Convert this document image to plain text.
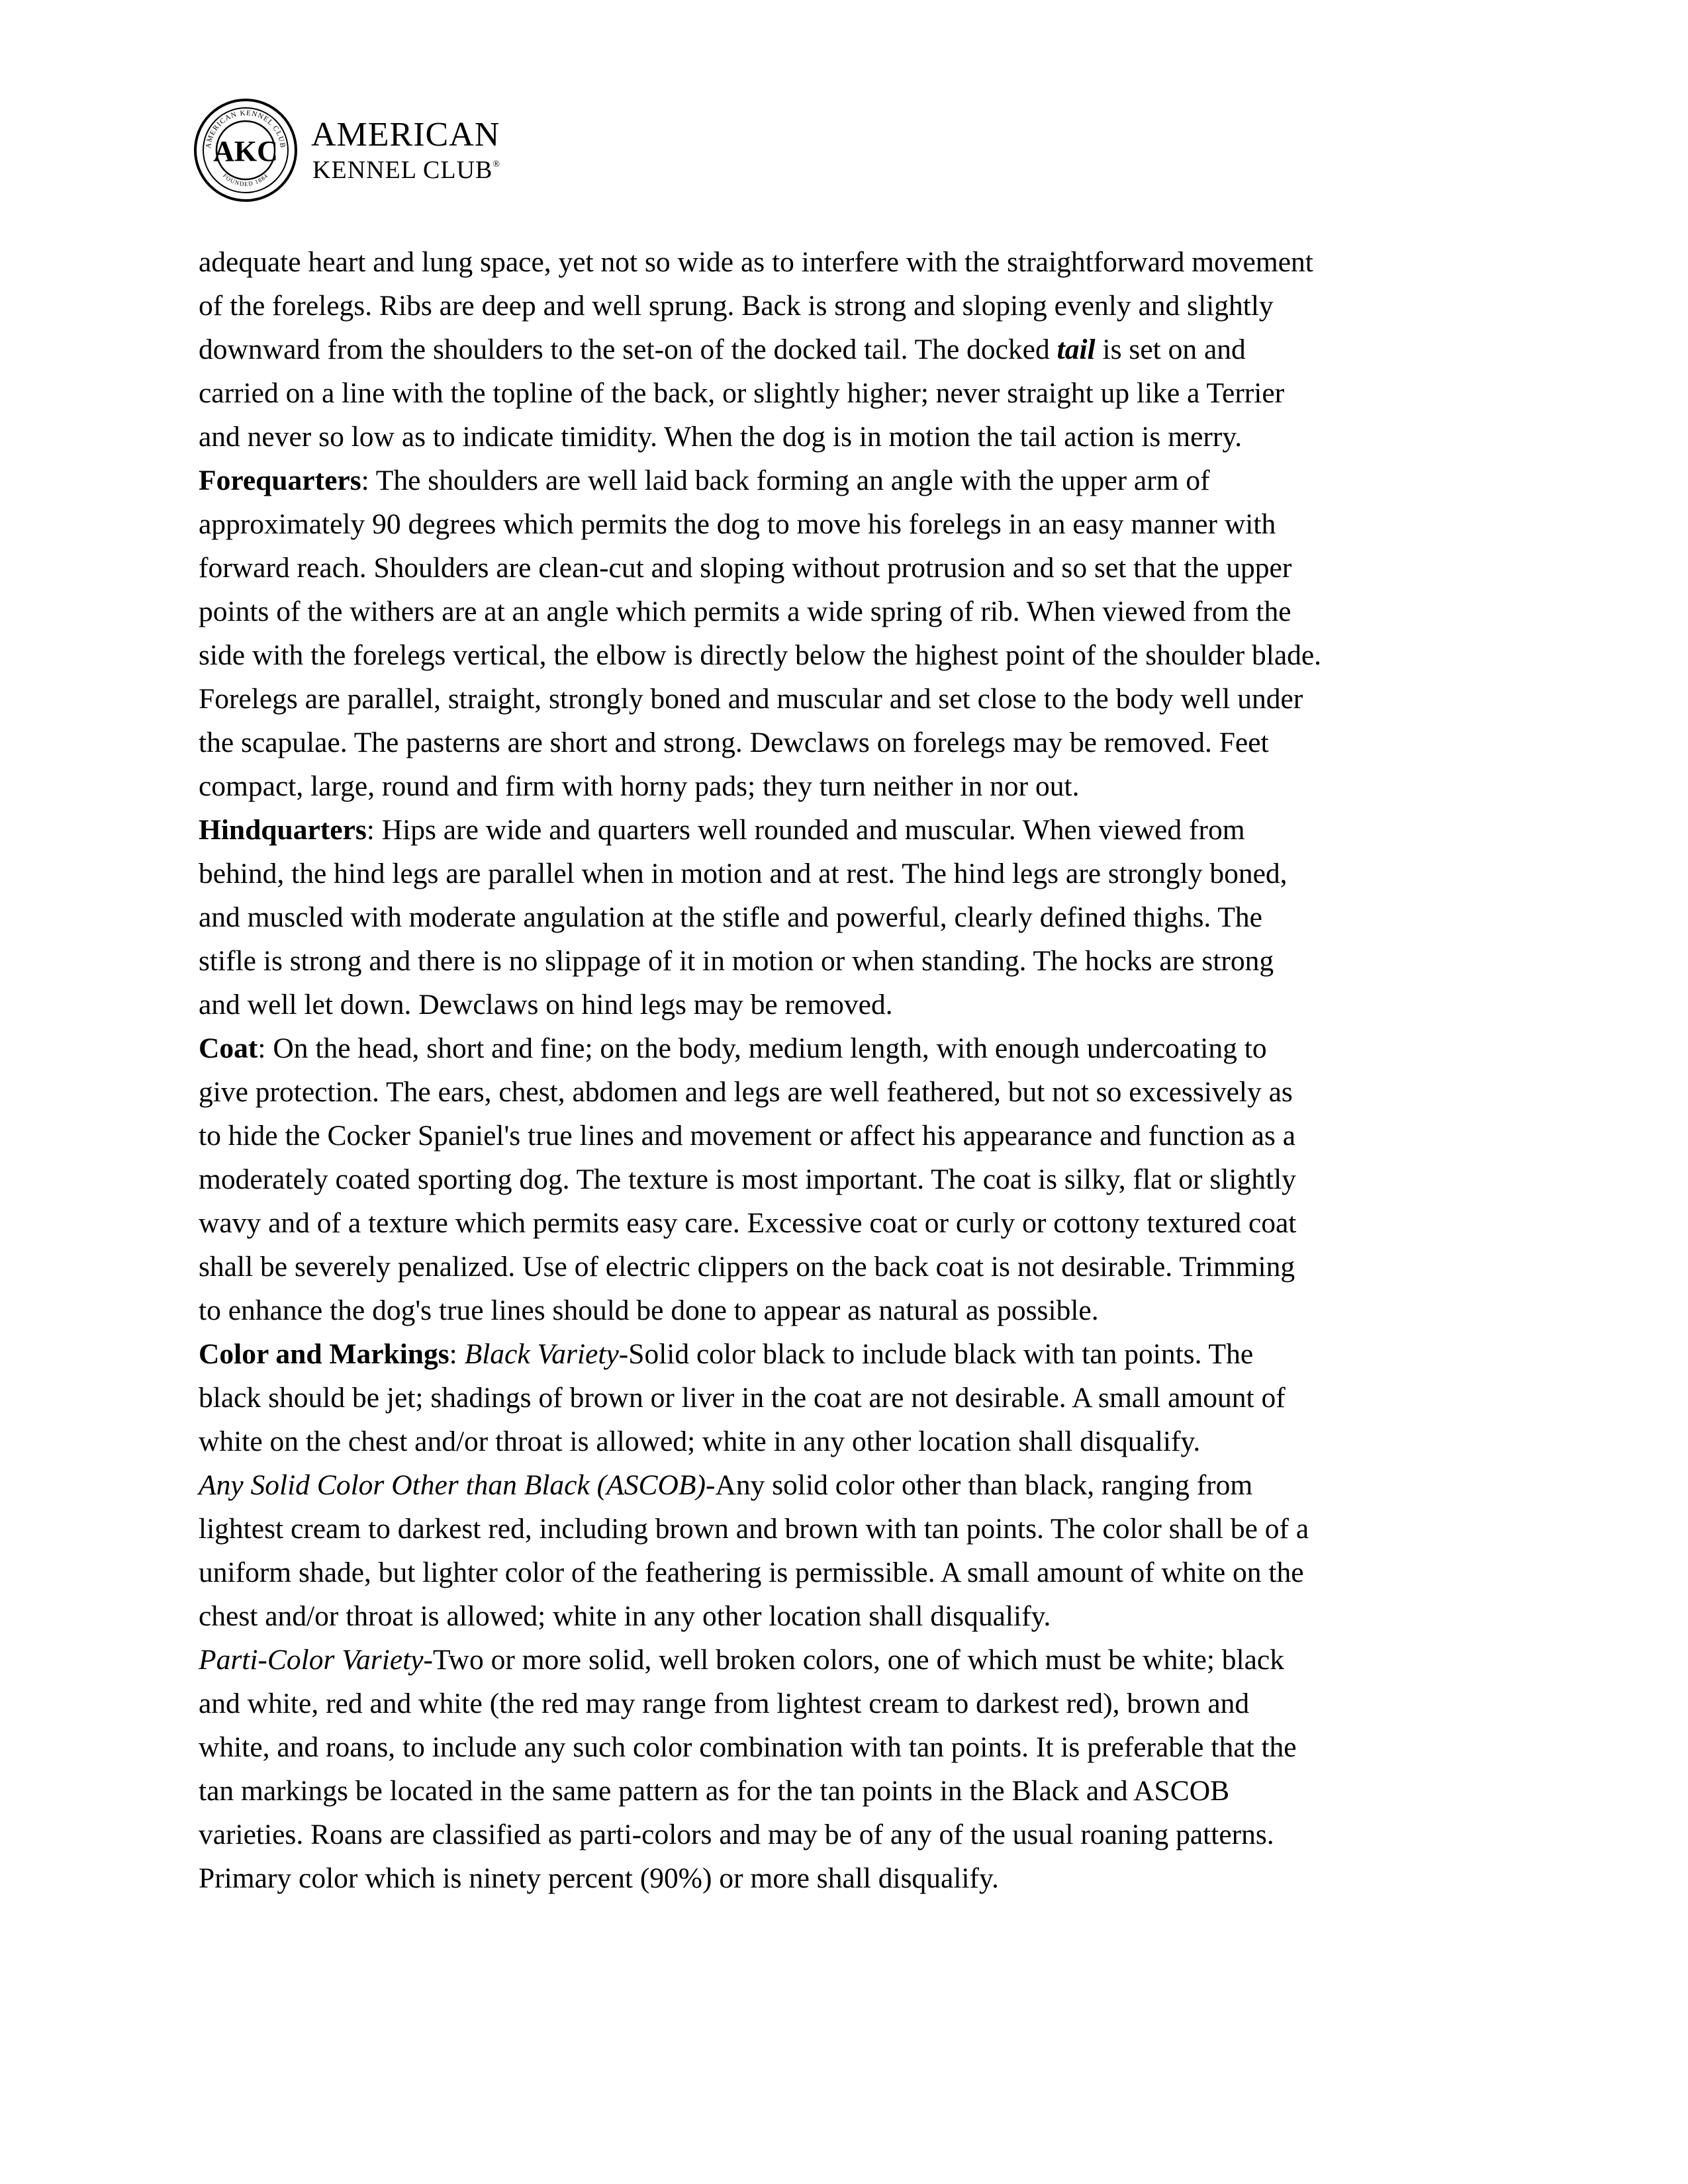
AMERICAN KENNEL CLUB
FOUNDED 1884
AKC AMERICAN
KENNEL CLUB®

adequate heart and lung space, yet not so wide as to interfere with the straightforward movement

of the forelegs. Ribs are deep and well sprung. Back is strong and sloping evenly and slightly

downward from the shoulders to the set-on of the docked tail. The docked tail is set on and

carried on a line with the topline of the back, or slightly higher; never straight up like a Terrier

and never so low as to indicate timidity. When the dog is in motion the tail action is merry.

Forequarters: The shoulders are well laid back forming an angle with the upper arm of

approximately 90 degrees which permits the dog to move his forelegs in an easy manner with

forward reach. Shoulders are clean-cut and sloping without protrusion and so set that the upper

points of the withers are at an angle which permits a wide spring of rib. When viewed from the

side with the forelegs vertical, the elbow is directly below the highest point of the shoulder blade.

Forelegs are parallel, straight, strongly boned and muscular and set close to the body well under

the scapulae. The pasterns are short and strong. Dewclaws on forelegs may be removed. Feet

compact, large, round and firm with horny pads; they turn neither in nor out.

Hindquarters: Hips are wide and quarters well rounded and muscular. When viewed from

behind, the hind legs are parallel when in motion and at rest. The hind legs are strongly boned,

and muscled with moderate angulation at the stifle and powerful, clearly defined thighs. The

stifle is strong and there is no slippage of it in motion or when standing. The hocks are strong

and well let down. Dewclaws on hind legs may be removed.

Coat: On the head, short and fine; on the body, medium length, with enough undercoating to

give protection. The ears, chest, abdomen and legs are well feathered, but not so excessively as

to hide the Cocker Spaniel's true lines and movement or affect his appearance and function as a

moderately coated sporting dog. The texture is most important. The coat is silky, flat or slightly

wavy and of a texture which permits easy care. Excessive coat or curly or cottony textured coat

shall be severely penalized. Use of electric clippers on the back coat is not desirable. Trimming

to enhance the dog's true lines should be done to appear as natural as possible.

Color and Markings: Black Variety-Solid color black to include black with tan points. The

black should be jet; shadings of brown or liver in the coat are not desirable. A small amount of

white on the chest and/or throat is allowed; white in any other location shall disqualify.

Any Solid Color Other than Black (ASCOB)-Any solid color other than black, ranging from

lightest cream to darkest red, including brown and brown with tan points. The color shall be of a

uniform shade, but lighter color of the feathering is permissible. A small amount of white on the

chest and/or throat is allowed; white in any other location shall disqualify.

Parti-Color Variety-Two or more solid, well broken colors, one of which must be white; black

and white, red and white (the red may range from lightest cream to darkest red), brown and

white, and roans, to include any such color combination with tan points. It is preferable that the

tan markings be located in the same pattern as for the tan points in the Black and ASCOB

varieties. Roans are classified as parti-colors and may be of any of the usual roaning patterns.

Primary color which is ninety percent (90%) or more shall disqualify.
